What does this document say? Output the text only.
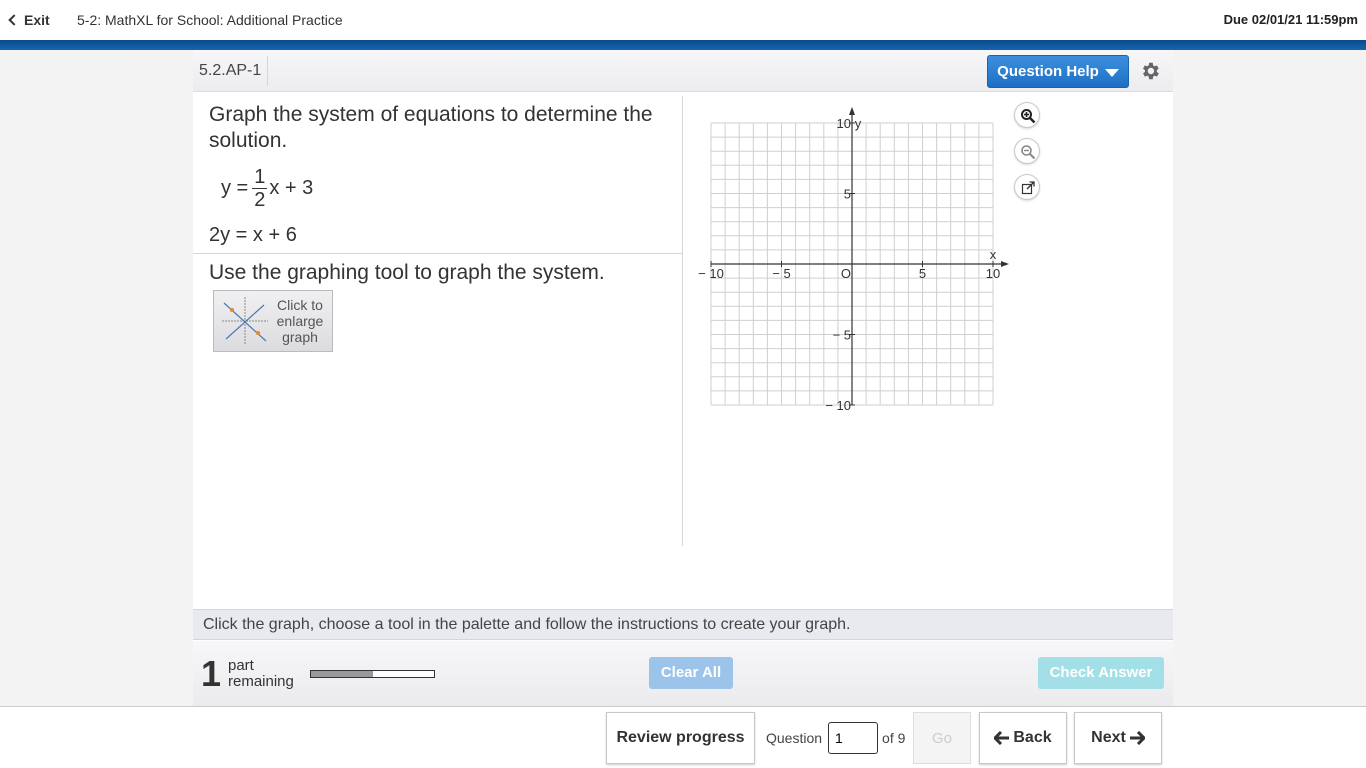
Exit 5-2: MathXL for School: Additional Practice	Due 02/01/21 11:59pm
5.2.AP-1	Question Help
Graph the system of equations to determine the solution.
$y = \frac{1}{2}$ x + 3
2y = x + 6
Use the graphing tool to graph the system.
Click to enlarge graph
− 10	− 5	5	10
10
5
− 5
− 10
O
x
y
Click the graph, choose a tool in the palette and follow the instructions to create your graph.
1 part
remaining
Clear All	Check Answer
Review progress	Question
1	of 9	Go	Back Next
